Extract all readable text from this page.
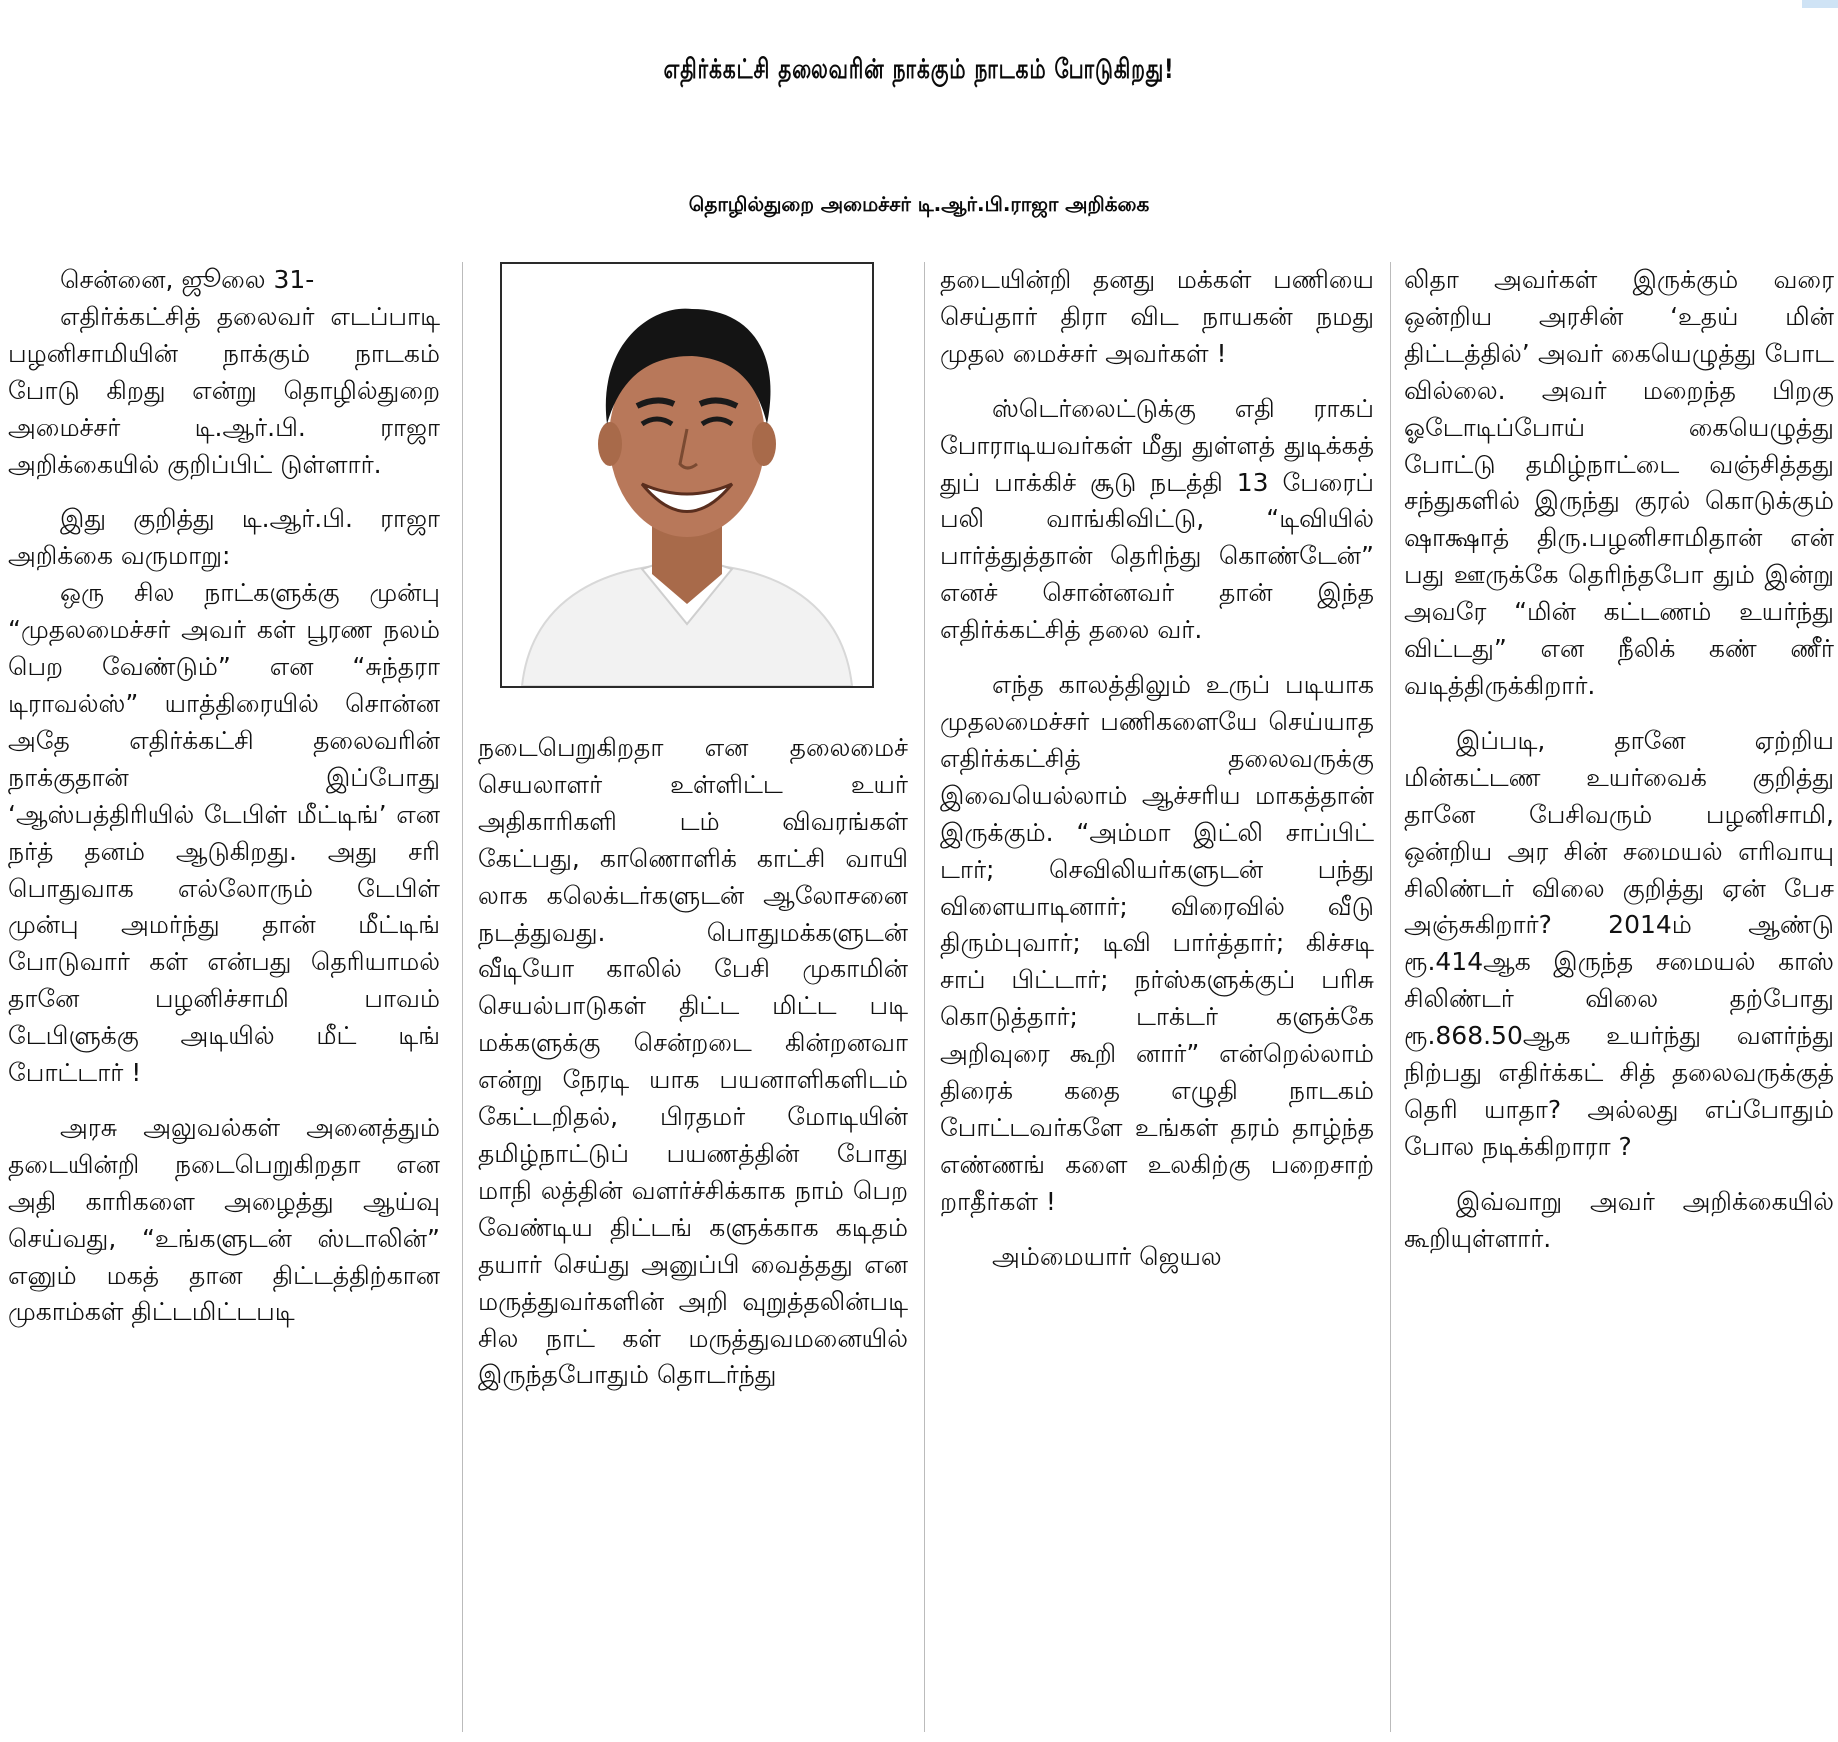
எதிர்க்கட்சி தலைவரின் நாக்கும் நாடகம் போடுகிறது!
தொழில்துறை அமைச்சர் டி.ஆர்.பி.ராஜா அறிக்கை

சென்னை, ஜூலை 31-

எதிர்க்கட்சித் தலைவர் எடப்பாடி பழனிசாமியின் நாக்கும் நாடகம் போடு கிறது என்று தொழில்துறை அமைச்சர் டி.ஆர்.பி. ராஜா அறிக்கையில் குறிப்பிட் டுள்ளார்.

இது குறித்து டி.ஆர்.பி. ராஜா அறிக்கை வருமாறு:

ஒரு சில நாட்களுக்கு முன்பு “முதலமைச்சர் அவர் கள் பூரண நலம் பெற வேண்டும்” என “சுந்தரா டிராவல்ஸ்” யாத்திரையில் சொன்ன அதே எதிர்க்கட்சி தலைவரின் நாக்குதான் இப்போது ‘ஆஸ்பத்திரியில் டேபிள் மீட்டிங்’ என நர்த் தனம் ஆடுகிறது. அது சரி பொதுவாக எல்லோரும் டேபிள் முன்பு அமர்ந்து தான் மீட்டிங் போடுவார் கள் என்பது தெரியாமல் தானே பழனிச்சாமி பாவம் டேபிளுக்கு அடியில் மீட் டிங் போட்டார் !

அரசு அலுவல்கள் அனைத்தும் தடையின்றி நடைபெறுகிறதா என அதி காரிகளை அழைத்து ஆய்வு செய்வது, “உங்களுடன் ஸ்டாலின்” எனும் மகத் தான திட்டத்திற்கான முகாம்கள் திட்டமிட்டபடி

நடைபெறுகிறதா என தலைமைச் செயலாளர் உள்ளிட்ட உயர் அதிகாரிகளி டம் விவரங்கள் கேட்பது, காணொளிக் காட்சி வாயி லாக கலெக்டர்களுடன் ஆலோசனை நடத்துவது. பொதுமக்களுடன் வீடியோ காலில் பேசி முகாமின் செயல்பாடுகள் திட்ட மிட்ட படி மக்களுக்கு சென்றடை கின்றனவா என்று நேரடி யாக பயனாளிகளிடம் கேட்டறிதல், பிரதமர் மோடியின் தமிழ்நாட்டுப் பயணத்தின் போது மாநி லத்தின் வளர்ச்சிக்காக நாம் பெற வேண்டிய திட்டங் களுக்காக கடிதம் தயார் செய்து அனுப்பி வைத்தது என மருத்துவர்களின் அறி வுறுத்தலின்படி சில நாட் கள் மருத்துவமனையில் இருந்தபோதும் தொடர்ந்து

தடையின்றி தனது மக்கள் பணியை செய்தார் திரா விட நாயகன் நமது முதல மைச்சர் அவர்கள் !

ஸ்டெர்லைட்டுக்கு எதி ராகப் போராடியவர்கள் மீது துள்ளத் துடிக்கத் துப் பாக்கிச் சூடு நடத்தி 13 பேரைப் பலி வாங்கிவிட்டு, “டிவியில் பார்த்துத்தான் தெரிந்து கொண்டேன்” எனச் சொன்னவர் தான் இந்த எதிர்க்கட்சித் தலை வர்.

எந்த காலத்திலும் உருப் படியாக முதலமைச்சர் பணிகளையே செய்யாத எதிர்க்கட்சித் தலைவருக்கு இவையெல்லாம் ஆச்சரிய மாகத்தான் இருக்கும். “அம்மா இட்லி சாப்பிட் டார்; செவிலியர்களுடன் பந்து விளையாடினார்; விரைவில் வீடு திரும்புவார்; டிவி பார்த்தார்; கிச்சடி சாப் பிட்டார்; நர்ஸ்களுக்குப் பரிசு கொடுத்தார்; டாக்டர் களுக்கே அறிவுரை கூறி னார்” என்றெல்லாம் திரைக் கதை எழுதி நாடகம் போட்டவர்களே உங்கள் தரம் தாழ்ந்த எண்ணங் களை உலகிற்கு பறைசாற் றாதீர்கள் !

அம்மையார் ஜெயல

லிதா அவர்கள் இருக்கும் வரை ஒன்றிய அரசின் ‘உதய் மின் திட்டத்தில்’ அவர் கையெழுத்து போட வில்லை. அவர் மறைந்த பிறகு ஓடோடிப்போய் கையெழுத்து போட்டு தமிழ்நாட்டை வஞ்சித்தது சந்துகளில் இருந்து குரல் கொடுக்கும் ஷாக்ஷாத் திரு.பழனிசாமிதான் என் பது ஊருக்கே தெரிந்தபோ தும் இன்று அவரே “மின் கட்டணம் உயர்ந்து விட்டது” என நீலிக் கண் ணீர் வடித்திருக்கிறார்.

இப்படி, தானே ஏற்றிய மின்கட்டண உயர்வைக் குறித்து தானே பேசிவரும் பழனிசாமி, ஒன்றிய அர சின் சமையல் எரிவாயு சிலிண்டர் விலை குறித்து ஏன் பேச அஞ்சுகிறார்? 2014ம் ஆண்டு ரூ.414ஆக இருந்த சமையல் காஸ் சிலிண்டர் விலை தற்போது ரூ.868.50ஆக உயர்ந்து வளர்ந்து நிற்பது எதிர்க்கட் சித் தலைவருக்குத் தெரி யாதா? அல்லது எப்போதும் போல நடிக்கிறாரா ?

இவ்வாறு அவர் அறிக்கையில் கூறியுள்ளார்.
